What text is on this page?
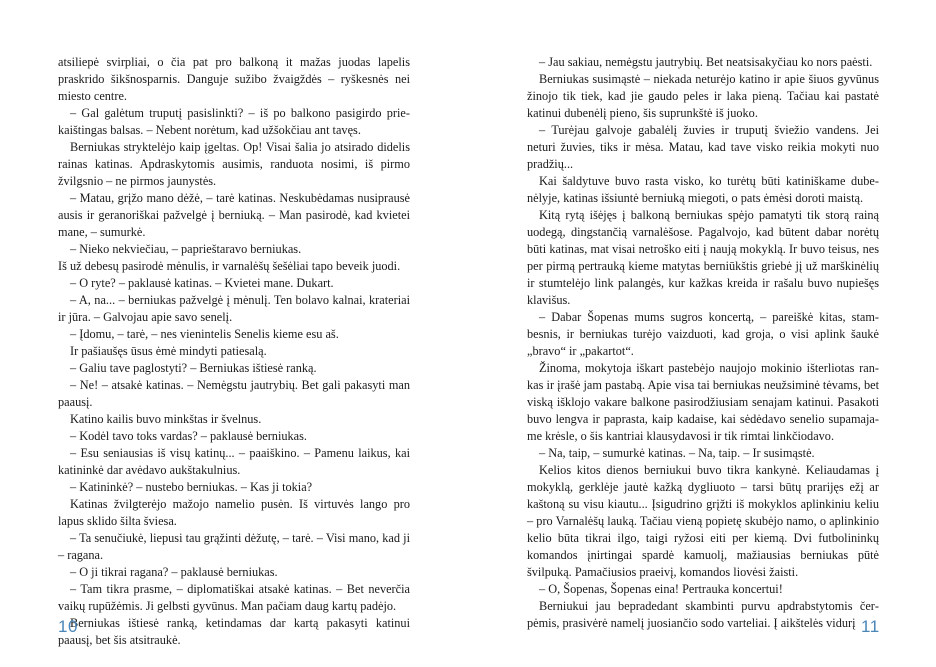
atsiliepė svirpliai, o čia pat pro balkoną it mažas juodas lapelis praskrido šikšnosparnis. Danguje sužibo žvaigždės – ryškesnės nei miesto centre.

– Gal galėtum truputį pasislinkti? – iš po balkono pasigirdo priekaištingas balsas. – Nebent norėtum, kad užšokčiau ant tavęs.

Berniukas stryktelėjo kaip įgeltas. Op! Visai šalia jo atsirado didelis rainas katinas. Apdraskytomis ausimis, randuota nosimi, iš pirmo žvilgsnio – ne pirmos jaunystės.

– Matau, grįžo mano dėžė, – tarė katinas. Neskubėdamas nusiprausė ausis ir geranoriškai pažvelgė į berniuką. – Man pasirodė, kad kvietei mane, – sumurkė.

– Nieko nekviečiau, – paprieštaravo berniukas.

Iš už debesų pasirodė mėnulis, ir varnalėšų šešėliai tapo beveik juodi.

– O ryte? – paklausė katinas. – Kvietei mane. Dukart.

– A, na... – berniukas pažvelgė į mėnulį. Ten bolavo kalnai, krateriai ir jūra. – Galvojau apie savo senelį.

– Įdomu, – tarė, – nes vienintelis Senelis kieme esu aš.

Ir pašiaušęs ūsus ėmė mindyti patiesalą.

– Galiu tave paglostyti? – Berniukas ištiesė ranką.

– Ne! – atsakė katinas. – Nemėgstu jautrybių. Bet gali pakasyti man paausį.

Katino kailis buvo minkštas ir švelnus.

– Kodėl tavo toks vardas? – paklausė berniukas.

– Esu seniausias iš visų katinų... – paaiškino. – Pamenu laikus, kai katininkė dar avėdavo aukštakulnius.

– Katininkė? – nustebo berniukas. – Kas ji tokia?

Katinas žvilgterėjo mažojo namelio pusėn. Iš virtuvės lango pro lapus sklido šilta šviesa.

– Ta senučiukė, liepusi tau grąžinti dėžutę, – tarė. – Visi mano, kad ji – ragana.

– O ji tikrai ragana? – paklausė berniukas.

– Tam tikra prasme, – diplomatiškai atsakė katinas. – Bet neverčia vaikų rupūžėmis. Ji gelbsti gyvūnus. Man pačiam daug kartų padėjo.

Berniukas ištiesė ranką, ketindamas dar kartą pakasyti katinui paausį, bet šis atsitraukė.

– Jau sakiau, nemėgstu jautrybių. Bet neatsisakyčiau ko nors paėsti.

Berniukas susimąstė – niekada neturėjo katino ir apie šiuos gyvūnus žinojo tik tiek, kad jie gaudo peles ir laka pieną. Tačiau kai pastatė katinui dubenėlį pieno, šis suprunkštė iš juoko.

– Turėjau galvoje gabalėlį žuvies ir truputį šviežio vandens. Jei neturi žuvies, tiks ir mėsa. Matau, kad tave visko reikia mokyti nuo pradžių...

Kai šaldytuve buvo rasta visko, ko turėtų būti katiniškame dubenėlyje, katinas išsiuntė berniuką miegoti, o pats ėmėsi doroti maistą.

Kitą rytą išėjęs į balkoną berniukas spėjo pamatyti tik storą rainą uodegą, dingstančią varnalėšose. Pagalvojo, kad būtent dabar norėtų būti katinas, mat visai netroško eiti į naują mokyklą. Ir buvo teisus, nes per pirmą pertrauką kieme matytas berniūkštis griebė jį už marškinėlių ir stumtelėjo link palangės, kur kažkas kreida ir rašalu buvo nupiešęs klavišus.

– Dabar Šopenas mums sugros koncertą, – pareiškė kitas, stambesnis, ir berniukas turėjo vaizduoti, kad groja, o visi aplink šaukė „bravo“ ir „pakartot“.

Žinoma, mokytoja iškart pastebėjo naujojo mokinio išterliotas rankas ir įrašė jam pastabą. Apie visa tai berniukas neužsiminė tėvams, bet viską išklojo vakare balkone pasirodžiusiam senajam katinui. Pasakoti buvo lengva ir paprasta, kaip kadaise, kai sėdėdavo senelio supamajame krėsle, o šis kantriai klausydavosi ir tik rimtai linkčiodavo.

– Na, taip, – sumurkė katinas. – Na, taip. – Ir susimąstė.

Kelios kitos dienos berniukui buvo tikra kankynė. Keliaudamas į mokyklą, gerklėje jautė kažką dygliuoto – tarsi būtų prarijęs ežį ar kaštoną su visu kiautu... Įsigudrino grįžti iš mokyklos aplinkiniu keliu – pro Varnalėšų lauką. Tačiau vieną popietę skubėjo namo, o aplinkinio kelio būta tikrai ilgo, taigi ryžosi eiti per kiemą. Dvi futbolininkų komandos įnirtingai spardė kamuolį, mažiausias berniukas pūtė švilpuką. Pamačiusios praeivį, komandos liovėsi žaisti.

– O, Šopenas, Šopenas eina! Pertrauka koncertui!

Berniukui jau bepradedant skambinti purvu apdrabstytomis čerpėmis, prasivėrė namelį juosiančio sodo varteliai. Į aikštelės vidurį

10	11
